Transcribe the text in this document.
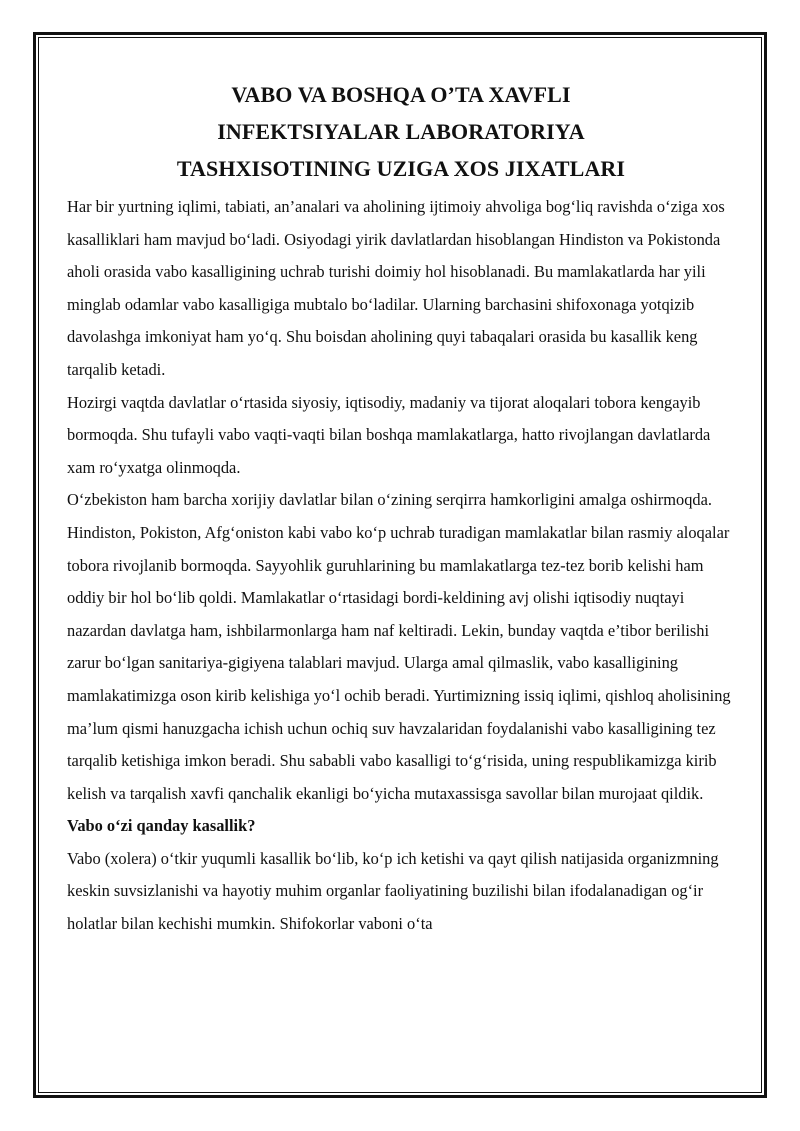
VABO VA BOSHQA O’TA XAVFLI
INFEKTSIYALAR LABORATORIYA
TASHXISOTINING UZIGA XOS JIXATLARI

Har bir yurtning iqlimi, tabiati, an’analari va aholining ijtimoiy ahvoliga bog‘liq ravishda o‘ziga xos kasalliklari ham mavjud bo‘ladi. Osiyodagi yirik davlatlardan hisoblangan Hindiston va Pokistonda aholi orasida vabo kasalligining uchrab turishi doimiy hol hisoblanadi. Bu mamlakatlarda har yili minglab odamlar vabo kasalligiga mubtalo bo‘ladilar. Ularning barchasini shifoxonaga yotqizib davolashga imkoniyat ham yo‘q. Shu boisdan aholining quyi tabaqalari orasida bu kasallik keng tarqalib ketadi.

Hozirgi vaqtda davlatlar o‘rtasida siyosiy, iqtisodiy, madaniy va tijorat aloqalari tobora kengayib bormoqda. Shu tufayli vabo vaqti-vaqti bilan boshqa mamlakatlarga, hatto rivojlangan davlatlarda xam ro‘yxatga olinmoqda.

O‘zbekiston ham barcha xorijiy davlatlar bilan o‘zining serqirra hamkorligini amalga oshirmoqda. Hindiston, Pokiston, Afg‘oniston kabi vabo ko‘p uchrab turadigan mamlakatlar bilan rasmiy aloqalar tobora rivojlanib bormoqda. Sayyohlik guruhlarining bu mamlakatlarga tez-tez borib kelishi ham oddiy bir hol bo‘lib qoldi. Mamlakatlar o‘rtasidagi bordi-keldining avj olishi iqtisodiy nuqtayi nazardan davlatga ham, ishbilarmonlarga ham naf keltiradi. Lekin, bunday vaqtda e’tibor berilishi zarur bo‘lgan sanitariya-gigiyena talablari mavjud. Ularga amal qilmaslik, vabo kasalligining mamlakatimizga oson kirib kelishiga yo‘l ochib beradi. Yurtimizning issiq iqlimi, qishloq aholisining ma’lum qismi hanuzgacha ichish uchun ochiq suv havzalaridan foydalanishi vabo kasalligining tez tarqalib ketishiga imkon beradi. Shu sababli vabo kasalligi to‘g‘risida, uning respublikamizga kirib kelish va tarqalish xavfi qanchalik ekanligi bo‘yicha mutaxassisga savollar bilan murojaat qildik.

Vabo o‘zi qanday kasallik?

Vabo (xolera) o‘tkir yuqumli kasallik bo‘lib, ko‘p ich ketishi va qayt qilish natijasida organizmning keskin suvsizlanishi va hayotiy muhim organlar faoliyatining buzilishi bilan ifodalanadigan og‘ir holatlar bilan kechishi mumkin. Shifokorlar vaboni o‘ta
